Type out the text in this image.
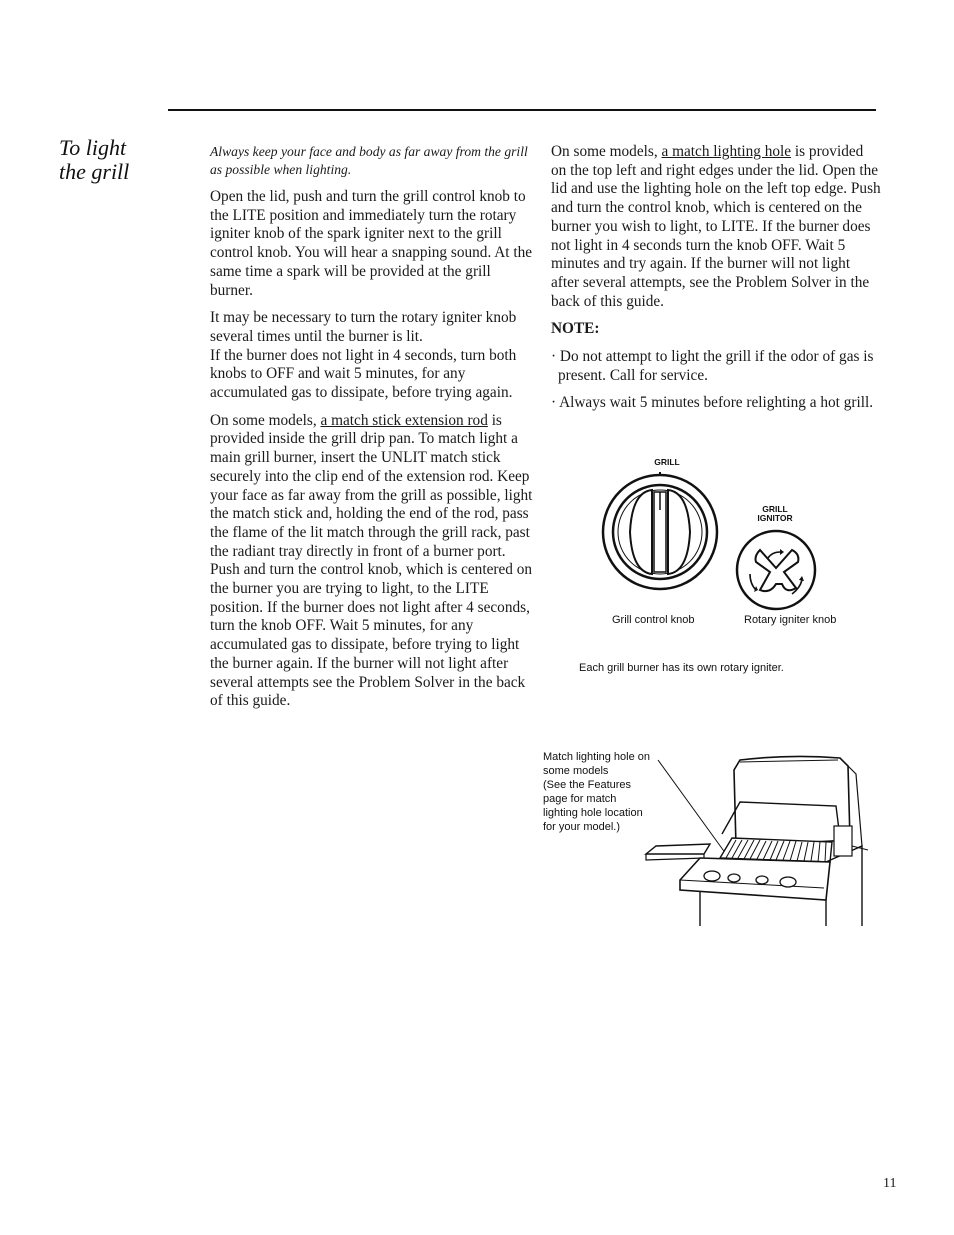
To light
the grill

Always keep your face and body as far away from the grill as possible when lighting.

Open the lid, push and turn the grill control knob to the LITE position and immediately turn the rotary igniter knob of the spark igniter next to the grill control knob. You will hear a snapping sound. At the same time a spark will be provided at the grill burner.

It may be necessary to turn the rotary igniter knob several times until the burner is lit.
If the burner does not light in 4 seconds, turn both knobs to OFF and wait 5 minutes, for any accumulated gas to dissipate, before trying again.

On some models, a match stick extension rod is provided inside the grill drip pan. To match light a main grill burner, insert the UNLIT match stick securely into the clip end of the extension rod. Keep your face as far away from the grill as possible, light the match stick and, holding the end of the rod, pass the flame of the lit match through the grill rack, past the radiant tray directly in front of a burner port. Push and turn the control knob, which is centered on the burner you are trying to light, to the LITE position. If the burner does not light after 4 seconds, turn the knob OFF. Wait 5 minutes, for any accumulated gas to dissipate, before trying to light the burner again. If the burner will not light after several attempts see the Problem Solver in the back of this guide.

On some models, a match lighting hole is provided on the top left and right edges under the lid. Open the lid and use the lighting hole on the left top edge. Push and turn the control knob, which is centered on the burner you wish to light, to LITE. If the burner does not light in 4 seconds turn the knob OFF. Wait 5 minutes and try again. If the burner will not light after several attempts, see the Problem Solver in the back of this guide.

NOTE:

· Do not attempt to light the grill if the odor of gas is present. Call for service.

· Always wait 5 minutes before relighting a hot grill.

GRILL
GRILL
IGNITOR
Grill control knob	Rotary igniter knob
Each grill burner has its own rotary igniter.
Match lighting hole on
some models
(See the Features
page for match
lighting hole location
for your model.)
11
